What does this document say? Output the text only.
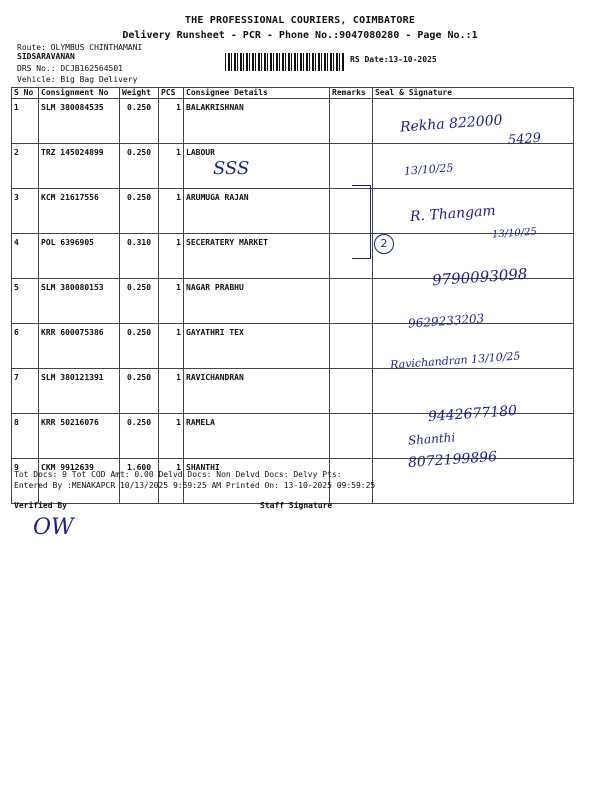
THE PROFESSIONAL COURIERS, COIMBATORE
Delivery Runsheet - PCR - Phone No.:9047080280 - Page No.:1
Route: OLYMBUS CHINTHAMANI
SIDSARAVANAN
DRS No.: DCJB162564501
Vehicle: Big Bag Delivery
RS Date:13-10-2025
S No	Consignment No	Weight	PCS	Consignee Details	Remarks	Seal & Signature
1	SLM 380084535	0.250	1	BALAKRISHNAN		
2	TRZ 145024899	0.250	1	LABOUR		
3	KCM 21617556	0.250	1	ARUMUGA RAJAN		
4	POL 6396905	0.310	1	SECERATERY MARKET		
5	SLM 380080153	0.250	1	NAGAR PRABHU		
6	KRR 600075386	0.250	1	GAYATHRI TEX		
7	SLM 380121391	0.250	1	RAVICHANDRAN		
8	KRR 50216076	0.250	1	RAMELA		
9	CKM 9912639	1.600	1	SHANTHI		
Rekha 822000
5429
13/10/25
SSS
2
R. Thangam
13/10/25
9790093098
9629233203
Ravichandran 13/10/25
9442677180
Shanthi
8072199896
Tot Docs: 9 Tot COD Amt: 0.00 Delvd Docs: Non Delvd Docs: Delvy Pts:
Entered By :MENAKAPCR 10/13/2025 9:59:25 AM Printed On: 13-10-2025 09:59:25
Verified By	Staff Signature
OW
